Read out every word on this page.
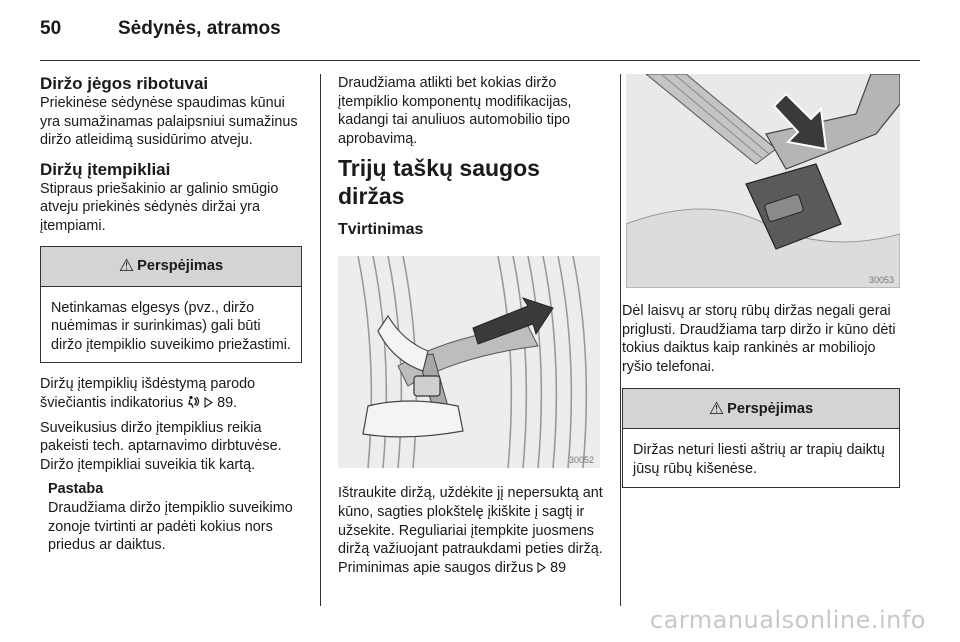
50	Sėdynės, atramos
Diržo jėgos ribotuvai

Priekinėse sėdynėse spaudimas kūnui yra sumažinamas palaipsniui sumažinus diržo atleidimą susidūrimo atveju.

Diržų įtempikliai

Stipraus priešakinio ar galinio smūgio atveju priekinės sėdynės diržai yra įtempiami.

⚠ Perspėjimas
Netinkamas elgesys (pvz., diržo nuėmimas ir surinkimas) gali būti diržo įtempiklio suveikimo priežastimi.

Diržų įtempiklių išdėstymą parodo šviečiantis indikatorius 89.

Suveikusius diržo įtempiklius reikia pakeisti tech. aptarnavimo dirbtuvėse. Diržo įtempikliai suveikia tik kartą.

Pastaba

Draudžiama diržo įtempiklio suveikimo zonoje tvirtinti ar padėti kokius nors priedus ar daiktus.

Draudžiama atlikti bet kokias diržo įtempiklio komponentų modifikacijas, kadangi tai anuliuos automobilio tipo aprobavimą.

Trijų taškų saugos diržas
Tvirtinimas
30052

Ištraukite diržą, uždėkite jį nepersuktą ant kūno, sagties plokštelę įkiškite į sagtį ir užsekite. Reguliariai įtempkite juosmens diržą važiuojant patraukdami peties diržą. Priminimas apie saugos diržus 89

30053

Dėl laisvų ar storų rūbų diržas negali gerai priglusti. Draudžiama tarp diržo ir kūno dėti tokius daiktus kaip rankinės ar mobiliojo ryšio telefonai.

⚠ Perspėjimas
Diržas neturi liesti aštrių ar trapių daiktų jūsų rūbų kišenėse.
carmanualsonline.info
